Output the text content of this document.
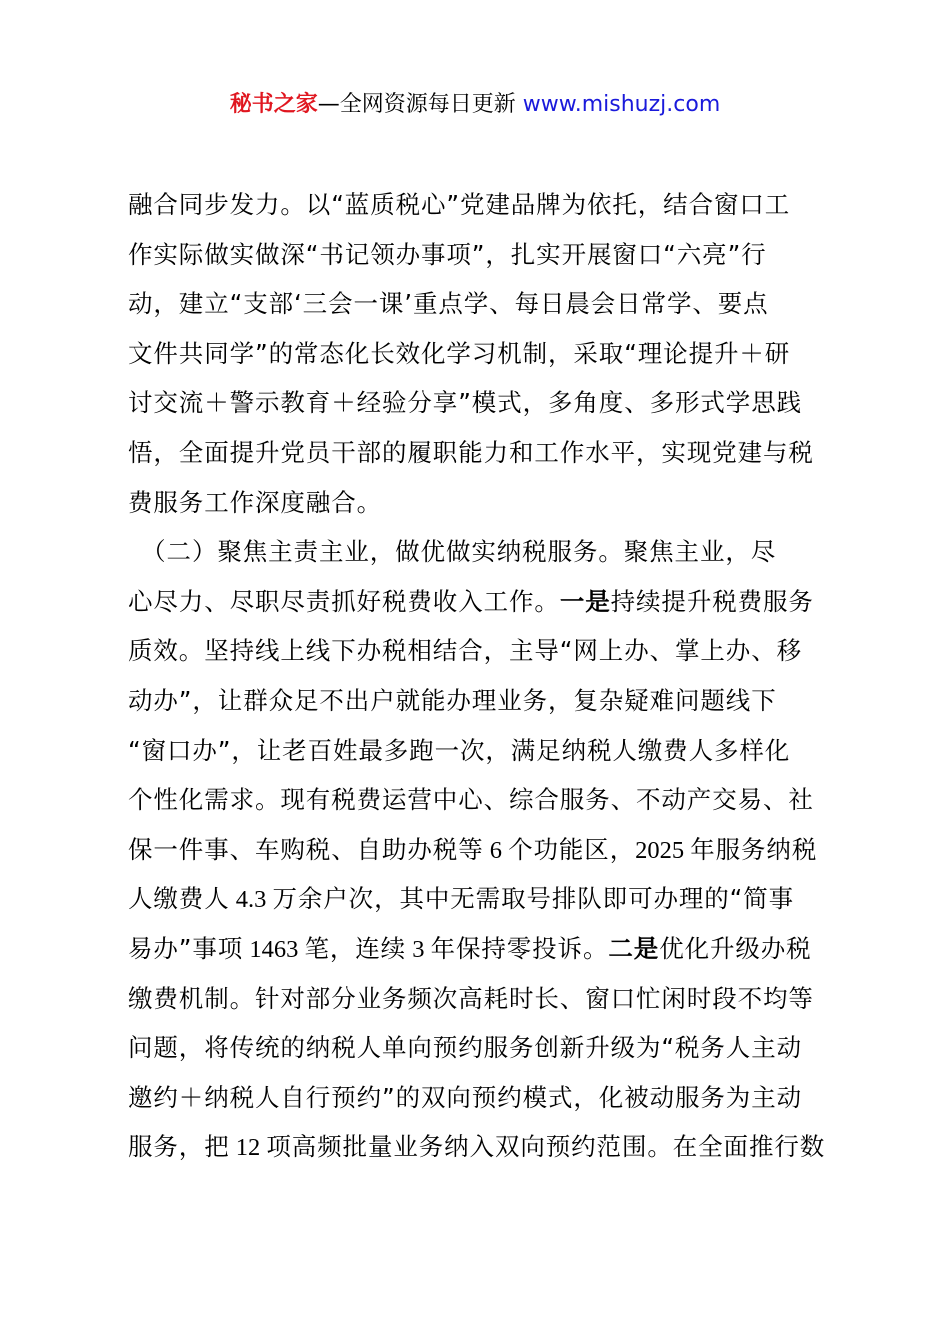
秘书之家—全网资源每日更新 www.mishuzj.com
融合同步发力。以“蓝质税心”党建品牌为依托，结合窗口工
作实际做实做深“书记领办事项”，扎实开展窗口“六亮”行
动，建立“支部‘三会一课’重点学、每日晨会日常学、要点
文件共同学”的常态化长效化学习机制，采取“理论提升＋研
讨交流＋警示教育＋经验分享”模式，多角度、多形式学思践
悟，全面提升党员干部的履职能力和工作水平，实现党建与税
费服务工作深度融合。
　（二）聚焦主责主业，做优做实纳税服务。聚焦主业，尽
心尽力、尽职尽责抓好税费收入工作。一是持续提升税费服务
质效。坚持线上线下办税相结合，主导“网上办、掌上办、移
动办”，让群众足不出户就能办理业务，复杂疑难问题线下
“窗口办”，让老百姓最多跑一次，满足纳税人缴费人多样化
个性化需求。现有税费运营中心、综合服务、不动产交易、社
保一件事、车购税、自助办税等 6 个功能区，2025 年服务纳税
人缴费人 4.3 万余户次，其中无需取号排队即可办理的“简事
易办”事项 1463 笔，连续 3 年保持零投诉。二是优化升级办税
缴费机制。针对部分业务频次高耗时长、窗口忙闲时段不均等
问题，将传统的纳税人单向预约服务创新升级为“税务人主动
邀约＋纳税人自行预约”的双向预约模式，化被动服务为主动
服务，把 12 项高频批量业务纳入双向预约范围。在全面推行数
